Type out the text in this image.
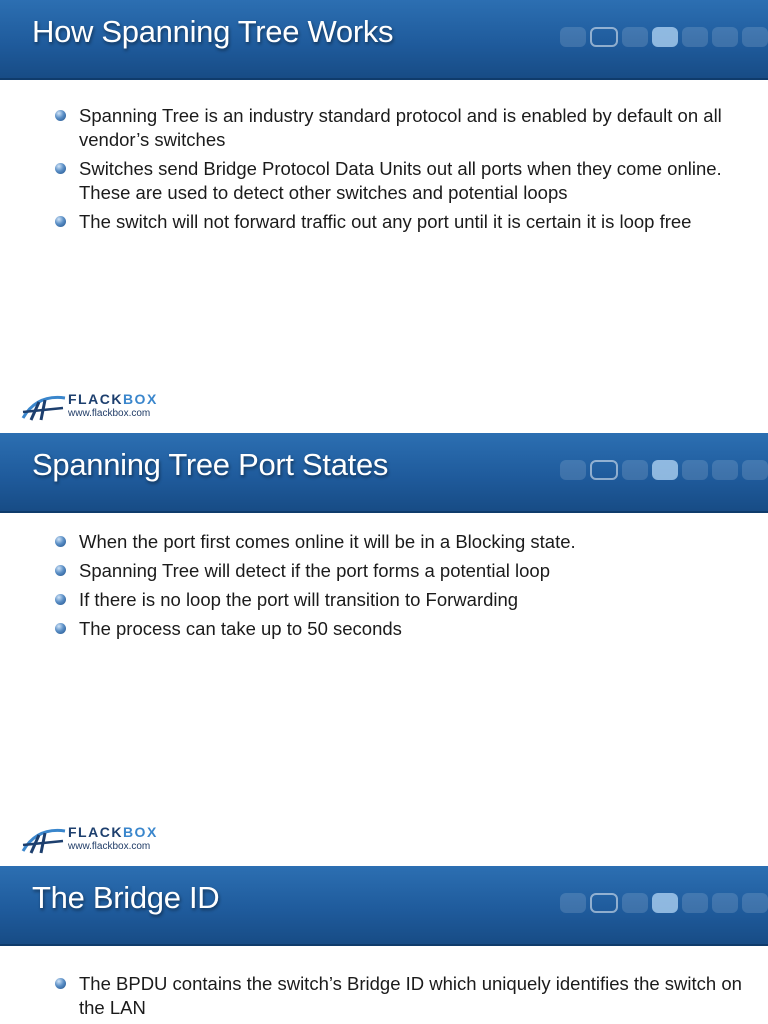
How Spanning Tree Works
Spanning Tree is an industry standard protocol and is enabled by default on all vendor’s switches
Switches send Bridge Protocol Data Units out all ports when they come online. These are used to detect other switches and potential loops
The switch will not forward traffic out any port until it is certain it is loop free
FLACKBOX
www.flackbox.com
Spanning Tree Port States
When the port first comes online it will be in a Blocking state.
Spanning Tree will detect if the port forms a potential loop
If there is no loop the port will transition to Forwarding
The process can take up to 50 seconds
FLACKBOX
www.flackbox.com
The Bridge ID
The BPDU contains the switch’s Bridge ID which uniquely identifies the switch on the LAN
